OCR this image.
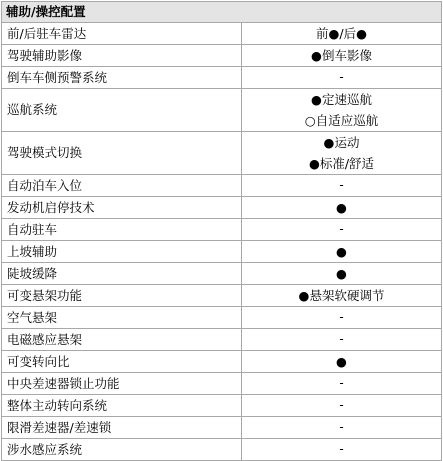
辅助/操控配置	
前/后驻车雷达	前●/后●

驾驶辅助影像	●倒车影像

倒车车侧预警系统	-

巡航系统	●定速巡航
○自适应巡航

驾驶模式切换	●运动
●标准/舒适

自动泊车入位	-

发动机启停技术	●

自动驻车	-

上坡辅助	●

陡坡缓降	●

可变悬架功能	●悬架软硬调节

空气悬架	-

电磁感应悬架	-

可变转向比	●

中央差速器锁止功能	-

整体主动转向系统	-

限滑差速器/差速锁	-

涉水感应系统	-
